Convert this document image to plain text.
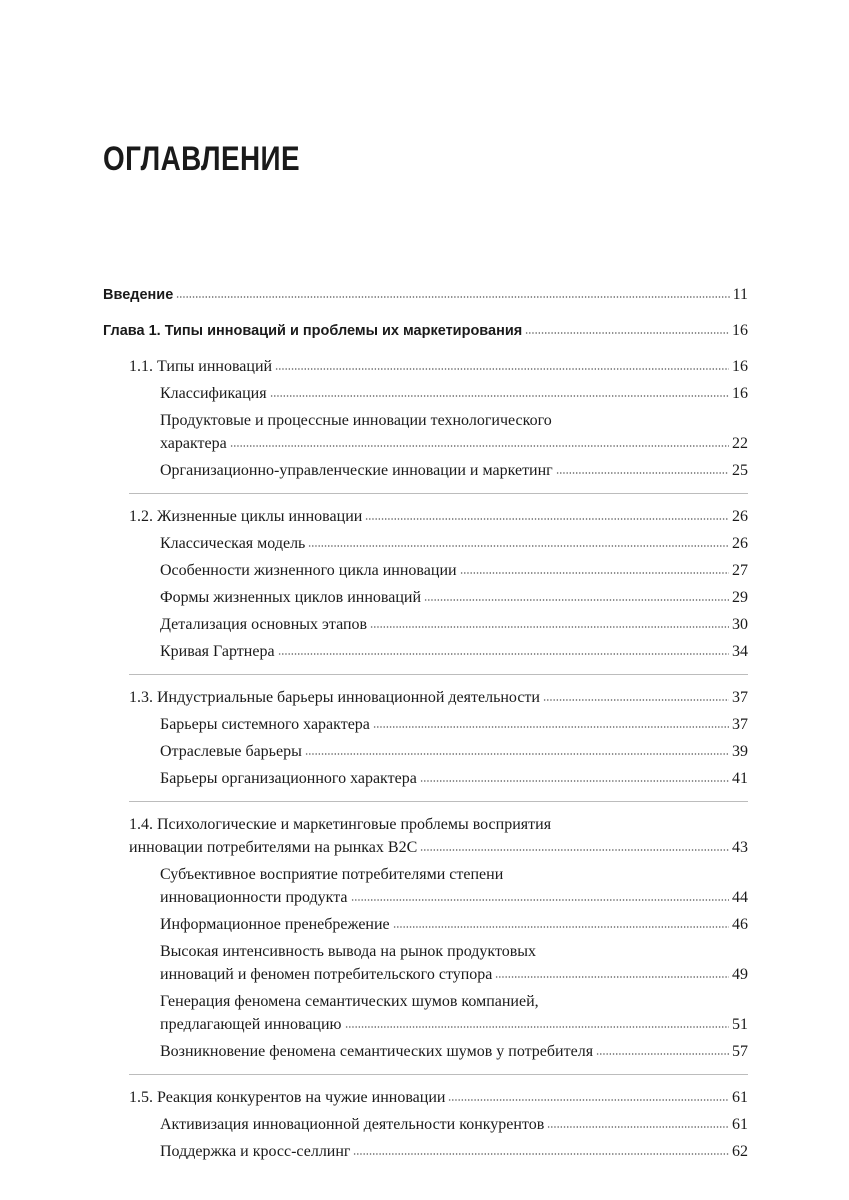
ОГЛАВЛЕНИЕ
Введение	11
Глава 1. Типы инноваций и проблемы их маркетирования	16
1.1. Типы инноваций	16
Классификация	16
Продуктовые и процессные инновации технологического
характера	22
Организационно-управленческие инновации и маркетинг	25
1.2. Жизненные циклы инновации	26
Классическая модель	26
Особенности жизненного цикла инновации	27
Формы жизненных циклов инноваций	29
Детализация основных этапов	30
Кривая Гартнера	34
1.3. Индустриальные барьеры инновационной деятельности	37
Барьеры системного характера	37
Отраслевые барьеры	39
Барьеры организационного характера	41
1.4. Психологические и маркетинговые проблемы восприятия
инновации потребителями на рынках B2C	43
Субъективное восприятие потребителями степени
инновационности продукта	44
Информационное пренебрежение	46
Высокая интенсивность вывода на рынок продуктовых
инноваций и феномен потребительского ступора	49
Генерация феномена семантических шумов компанией,
предлагающей инновацию	51
Возникновение феномена семантических шумов у потребителя	57
1.5. Реакция конкурентов на чужие инновации	61
Активизация инновационной деятельности конкурентов	61
Поддержка и кросс-селлинг	62
